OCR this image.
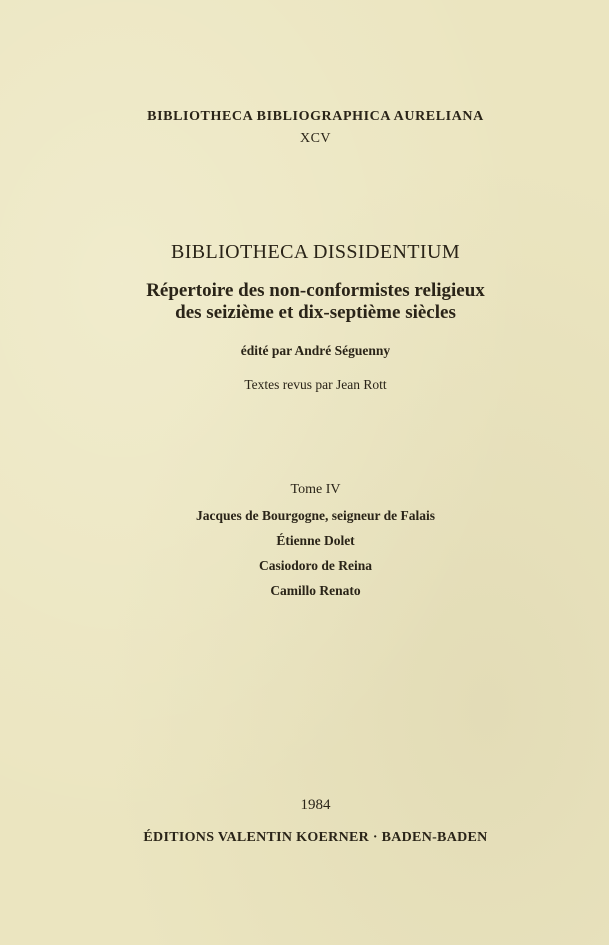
BIBLIOTHECA BIBLIOGRAPHICA AURELIANA
XCV
BIBLIOTHECA DISSIDENTIUM
Répertoire des non-conformistes religieux
des seizième et dix-septième siècles
édité par André Séguenny
Textes revus par Jean Rott
Tome IV
Jacques de Bourgogne, seigneur de Falais
Étienne Dolet
Casiodoro de Reina
Camillo Renato
1984
ÉDITIONS VALENTIN KOERNER · BADEN-BADEN
